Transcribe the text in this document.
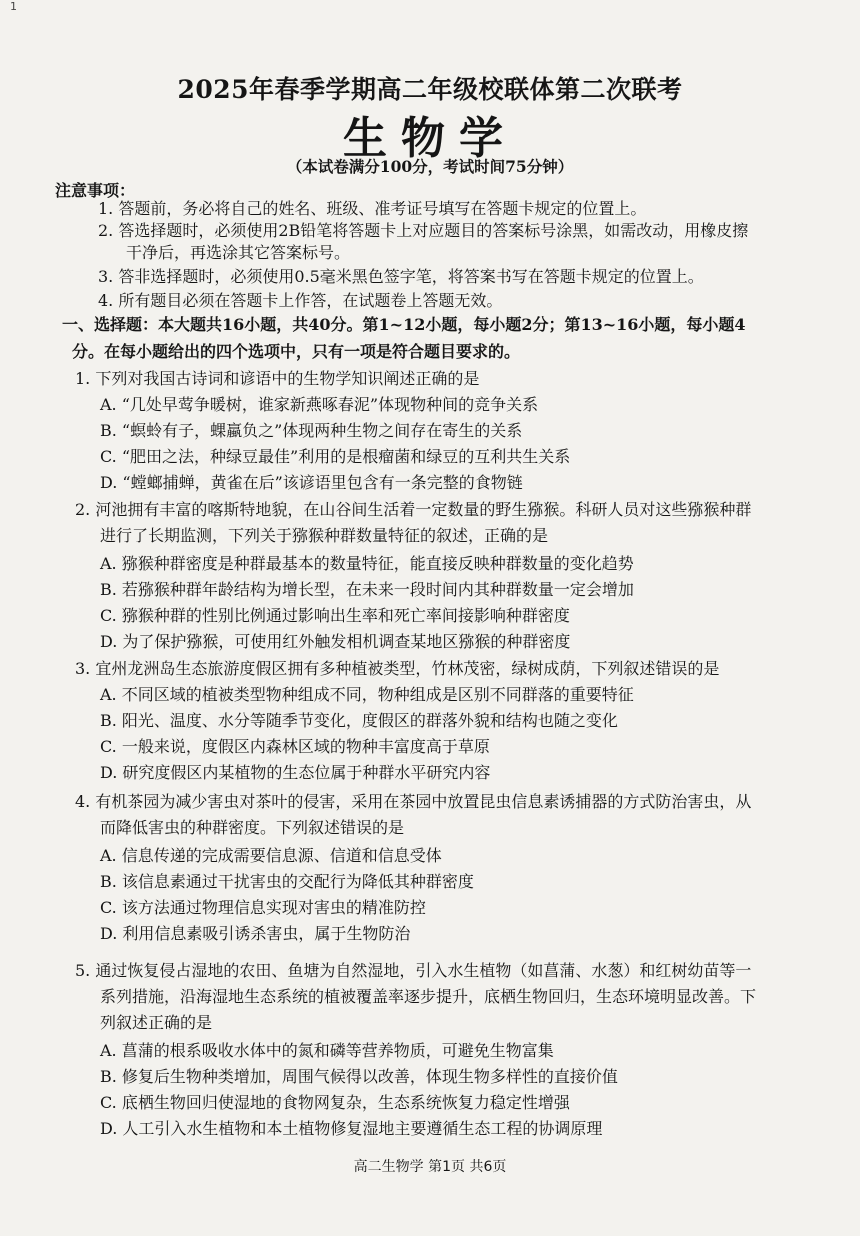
1
2025年春季学期高二年级校联体第二次联考
生物学
（本试卷满分100分，考试时间75分钟）
注意事项：
1. 答题前，务必将自己的姓名、班级、准考证号填写在答题卡规定的位置上。
2. 答选择题时，必须使用2B铅笔将答题卡上对应题目的答案标号涂黑，如需改动，用橡皮擦
干净后，再选涂其它答案标号。
3. 答非选择题时，必须使用0.5毫米黑色签字笔，将答案书写在答题卡规定的位置上。
4. 所有题目必须在答题卡上作答，在试题卷上答题无效。
一、选择题：本大题共16小题，共40分。第1~12小题，每小题2分；第13~16小题，每小题4
分。在每小题给出的四个选项中，只有一项是符合题目要求的。
1. 下列对我国古诗词和谚语中的生物学知识阐述正确的是
A. “几处早莺争暖树，谁家新燕啄春泥”体现物种间的竞争关系
B. “螟蛉有子，蜾蠃负之”体现两种生物之间存在寄生的关系
C. “肥田之法，种绿豆最佳”利用的是根瘤菌和绿豆的互利共生关系
D. “螳螂捕蝉，黄雀在后”该谚语里包含有一条完整的食物链
2. 河池拥有丰富的喀斯特地貌，在山谷间生活着一定数量的野生猕猴。科研人员对这些猕猴种群
进行了长期监测，下列关于猕猴种群数量特征的叙述，正确的是
A. 猕猴种群密度是种群最基本的数量特征，能直接反映种群数量的变化趋势
B. 若猕猴种群年龄结构为增长型，在未来一段时间内其种群数量一定会增加
C. 猕猴种群的性别比例通过影响出生率和死亡率间接影响种群密度
D. 为了保护猕猴，可使用红外触发相机调查某地区猕猴的种群密度
3. 宜州龙洲岛生态旅游度假区拥有多种植被类型，竹林茂密，绿树成荫，下列叙述错误的是
A. 不同区域的植被类型物种组成不同，物种组成是区别不同群落的重要特征
B. 阳光、温度、水分等随季节变化，度假区的群落外貌和结构也随之变化
C. 一般来说，度假区内森林区域的物种丰富度高于草原
D. 研究度假区内某植物的生态位属于种群水平研究内容
4. 有机茶园为减少害虫对茶叶的侵害，采用在茶园中放置昆虫信息素诱捕器的方式防治害虫，从
而降低害虫的种群密度。下列叙述错误的是
A. 信息传递的完成需要信息源、信道和信息受体
B. 该信息素通过干扰害虫的交配行为降低其种群密度
C. 该方法通过物理信息实现对害虫的精准防控
D. 利用信息素吸引诱杀害虫，属于生物防治
5. 通过恢复侵占湿地的农田、鱼塘为自然湿地，引入水生植物（如菖蒲、水葱）和红树幼苗等一
系列措施，沿海湿地生态系统的植被覆盖率逐步提升，底栖生物回归，生态环境明显改善。下
列叙述正确的是
A. 菖蒲的根系吸收水体中的氮和磷等营养物质，可避免生物富集
B. 修复后生物种类增加，周围气候得以改善，体现生物多样性的直接价值
C. 底栖生物回归使湿地的食物网复杂，生态系统恢复力稳定性增强
D. 人工引入水生植物和本土植物修复湿地主要遵循生态工程的协调原理
高二生物学 第1页 共6页
